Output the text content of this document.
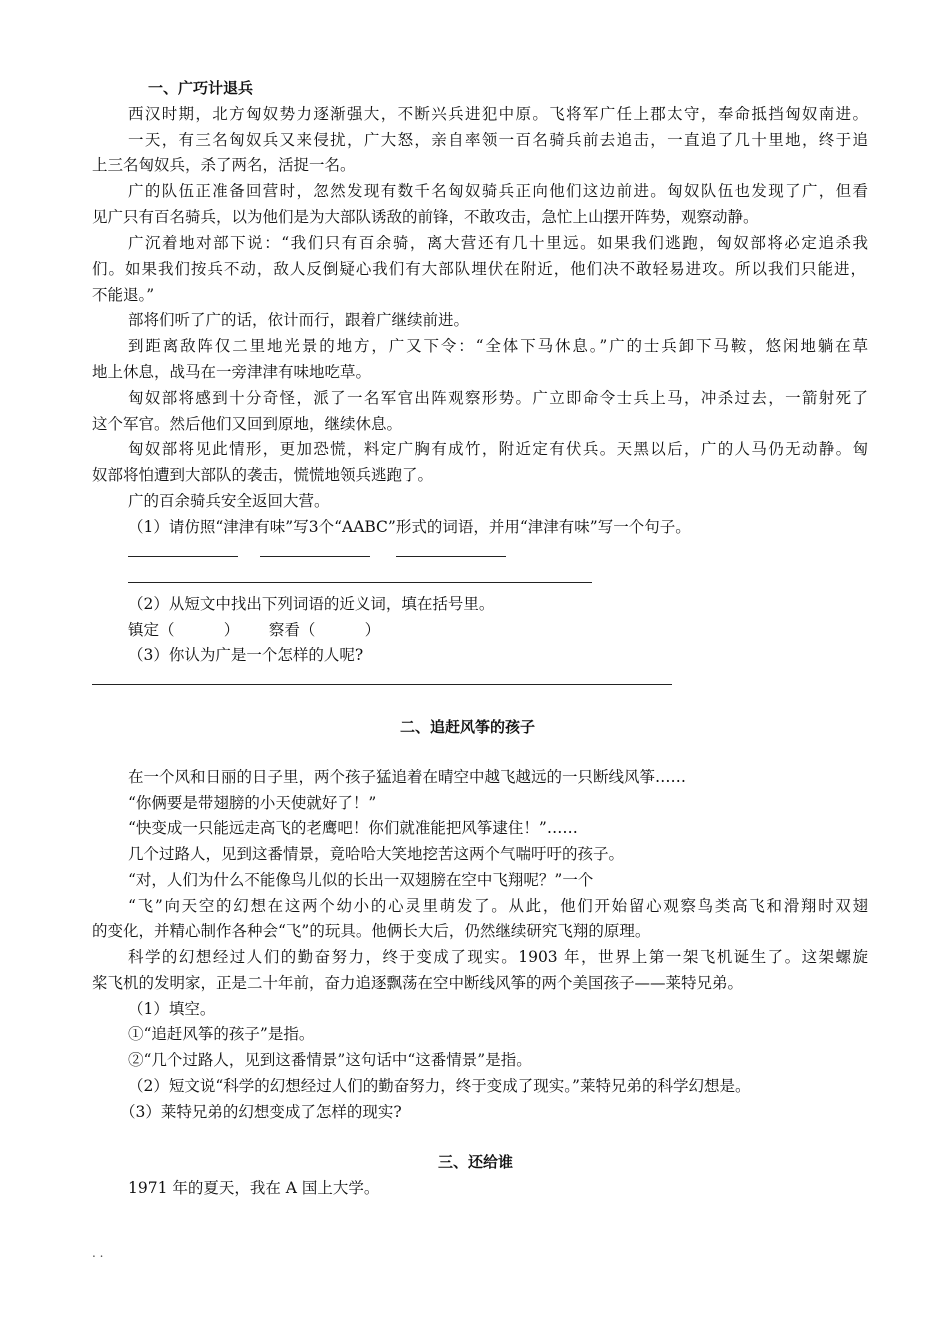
一、广巧计退兵
西汉时期，北方匈奴势力逐渐强大，不断兴兵进犯中原。飞将军广任上郡太守，奉命抵挡匈奴南进。
一天，有三名匈奴兵又来侵扰，广大怒，亲自率领一百名骑兵前去追击，一直追了几十里地，终于追
上三名匈奴兵，杀了两名，活捉一名。
广的队伍正准备回营时，忽然发现有数千名匈奴骑兵正向他们这边前进。匈奴队伍也发现了广，但看
见广只有百名骑兵，以为他们是为大部队诱敌的前锋，不敢攻击，急忙上山摆开阵势，观察动静。
广沉着地对部下说：“我们只有百余骑，离大营还有几十里远。如果我们逃跑，匈奴部将必定追杀我
们。如果我们按兵不动，敌人反倒疑心我们有大部队埋伏在附近，他们决不敢轻易进攻。所以我们只能进，
不能退。”
部将们听了广的话，依计而行，跟着广继续前进。
到距离敌阵仅二里地光景的地方，广又下令：“全体下马休息。”广的士兵卸下马鞍，悠闲地躺在草
地上休息，战马在一旁津津有味地吃草。
匈奴部将感到十分奇怪，派了一名军官出阵观察形势。广立即命令士兵上马，冲杀过去，一箭射死了
这个军官。然后他们又回到原地，继续休息。
匈奴部将见此情形，更加恐慌，料定广胸有成竹，附近定有伏兵。天黑以后，广的人马仍无动静。匈
奴部将怕遭到大部队的袭击，慌慌地领兵逃跑了。
广的百余骑兵安全返回大营。
（1）请仿照“津津有味”写3个“AABC”形式的词语，并用“津津有味”写一个句子。
（2）从短文中找出下列词语的近义词，填在括号里。
镇定（          ）      察看（          ）
（3）你认为广是一个怎样的人呢?
二、追赶风筝的孩子
在一个风和日丽的日子里，两个孩子猛追着在晴空中越飞越远的一只断线风筝……
“你俩要是带翅膀的小天使就好了！”
“快变成一只能远走高飞的老鹰吧！你们就准能把风筝逮住！”……
几个过路人，见到这番情景，竟哈哈大笑地挖苦这两个气喘吁吁的孩子。
“对，人们为什么不能像鸟儿似的长出一双翅膀在空中飞翔呢？”一个
“飞”向天空的幻想在这两个幼小的心灵里萌发了。从此，他们开始留心观察鸟类高飞和滑翔时双翅
的变化，并精心制作各种会“飞”的玩具。他俩长大后，仍然继续研究飞翔的原理。
科学的幻想经过人们的勤奋努力，终于变成了现实。1903 年，世界上第一架飞机诞生了。这架螺旋
桨飞机的发明家，正是二十年前，奋力追逐飘荡在空中断线风筝的两个美国孩子——莱特兄弟。
（1）填空。
①“追赶风筝的孩子”是指。
②“几个过路人，见到这番情景”这句话中“这番情景”是指。
（2）短文说“科学的幻想经过人们的勤奋努力，终于变成了现实。”莱特兄弟的科学幻想是。
（3）莱特兄弟的幻想变成了怎样的现实?
三、还给谁
1971 年的夏天，我在 A 国上大学。
. .
